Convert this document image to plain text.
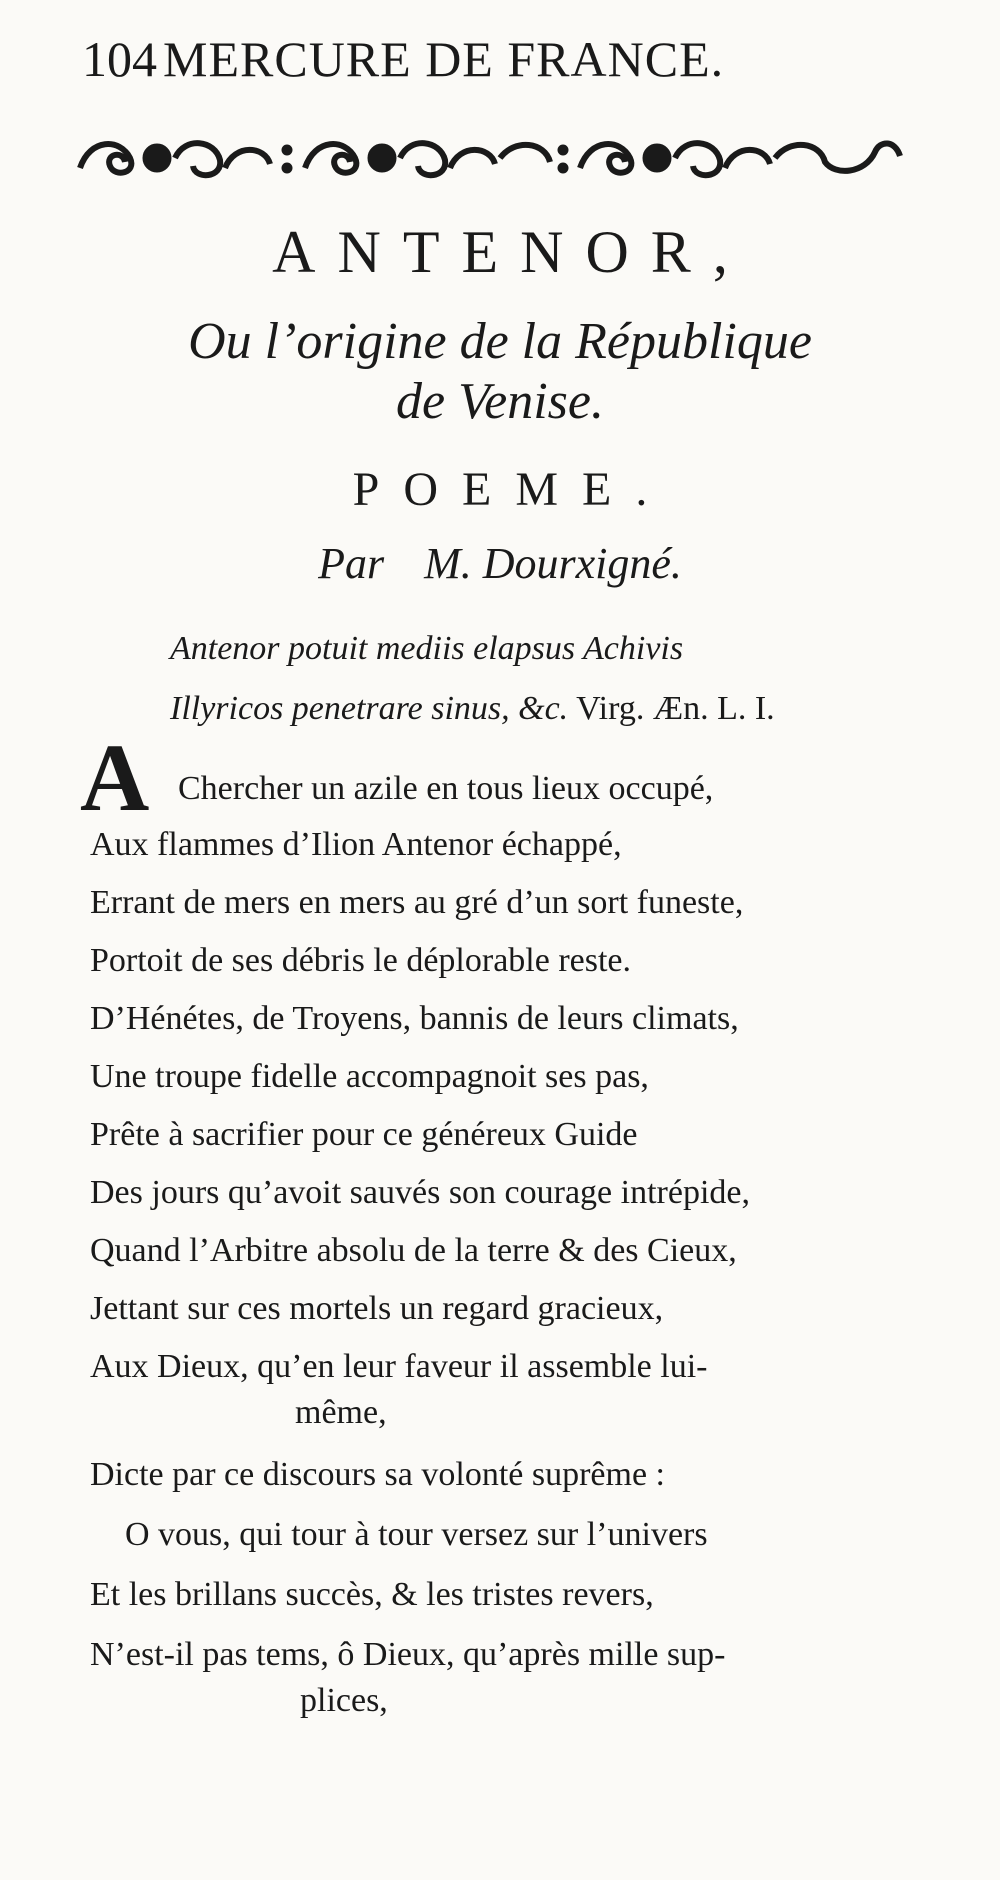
104 MERCURE DE FRANCE.
ANTENOR,
Ou l’origine de la République
de Venise.
POEME.
Par M. Dourxigné.
Antenor potuit mediis elapsus Achivis
Illyricos penetrare sinus, &c. Virg. Æn. L. I.
A Chercher un azile en tous lieux occupé,
Aux flammes d’Ilion Antenor échappé,
Errant de mers en mers au gré d’un sort funeste,
Portoit de ses débris le déplorable reste.
D’Hénétes, de Troyens, bannis de leurs climats,
Une troupe fidelle accompagnoit ses pas,
Prête à sacrifier pour ce généreux Guide
Des jours qu’avoit sauvés son courage intrépide,
Quand l’Arbitre absolu de la terre & des Cieux,
Jettant sur ces mortels un regard gracieux,
Aux Dieux, qu’en leur faveur il assemble lui-
même,
Dicte par ce discours sa volonté suprême :
O vous, qui tour à tour versez sur l’univers
Et les brillans succès, & les tristes revers,
N’est-il pas tems, ô Dieux, qu’après mille sup-
plices,
